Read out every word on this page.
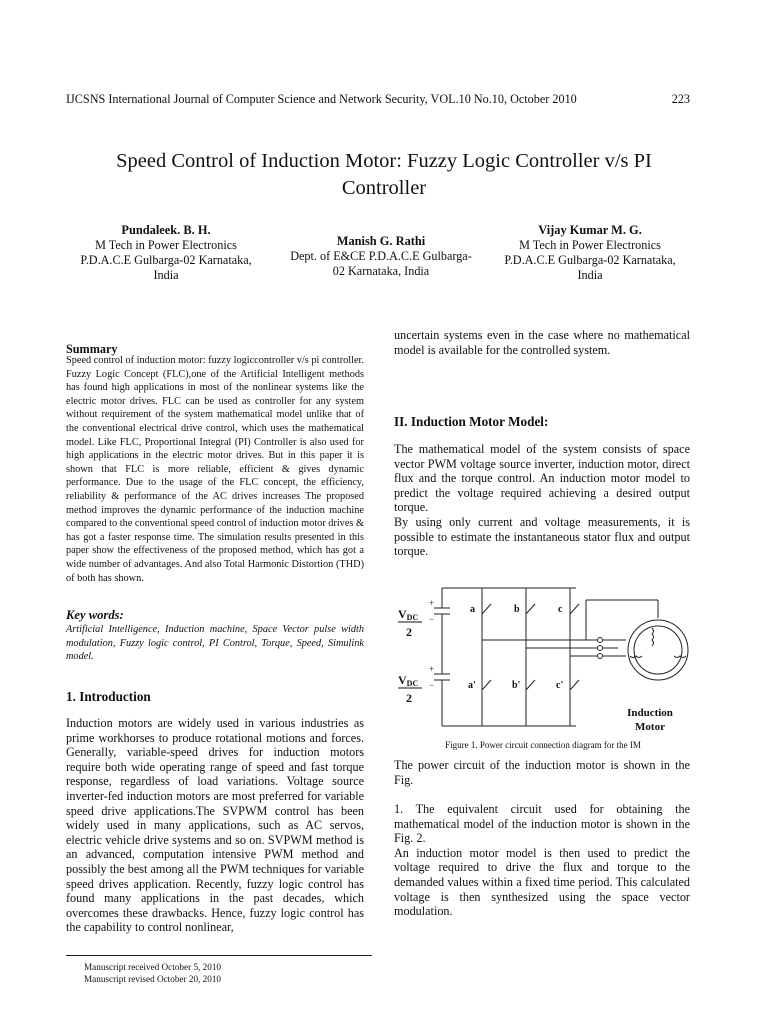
IJCSNS International Journal of Computer Science and Network Security, VOL.10 No.10, October 2010	223
Speed Control of Induction Motor: Fuzzy Logic Controller v/s PI
Controller
Pundaleek. B. H.
M Tech in Power Electronics
P.D.A.C.E Gulbarga-02 Karnataka,
India
Manish G. Rathi
Dept. of E&CE P.D.A.C.E Gulbarga-
02 Karnataka, India
Vijay Kumar M. G.
M Tech in Power Electronics
P.D.A.C.E Gulbarga-02 Karnataka,
India
Summary
Speed control of induction motor: fuzzy logiccontroller v/s pi controller. Fuzzy Logic Concept (FLC),one of the Artificial Intelligent methods has found high applications in most of the nonlinear systems like the electric motor drives. FLC can be used as controller for any system without requirement of the system mathematical model unlike that of the conventional electrical drive control, which uses the mathematical model. Like FLC, Proportional Integral (PI) Controller is also used for high applications in the electric motor drives. But in this paper it is shown that FLC is more reliable, efficient & gives dynamic performance. Due to the usage of the FLC concept, the efficiency, reliability & performance of the AC drives increases The proposed method improves the dynamic performance of the induction machine compared to the conventional speed control of induction motor drives & has got a faster response time. The simulation results presented in this paper show the effectiveness of the proposed method, which has got a wide number of advantages. And also Total Harmonic Distortion (THD) of both has shown.
Key words:
Artificial Intelligence, Induction machine, Space Vector pulse width modulation, Fuzzy logic control, PI Control, Torque, Speed, Simulink model.
1. Introduction
Induction motors are widely used in various industries as prime workhorses to produce rotational motions and forces. Generally, variable-speed drives for induction motors require both wide operating range of speed and fast torque response, regardless of load variations. Voltage source inverter-fed induction motors are most preferred for variable speed drive applications.The SVPWM control has been widely used in many applications, such as AC servos, electric vehicle drive systems and so on. SVPWM method is an advanced, computation intensive PWM method and possibly the best among all the PWM techniques for variable speed drives application. Recently, fuzzy logic control has found many applications in the past decades, which overcomes these drawbacks. Hence, fuzzy logic control has the capability to control nonlinear,
Manuscript received October 5, 2010
Manuscript revised October 20, 2010
uncertain systems even in the case where no mathematical model is available for the controlled system.
II. Induction Motor Model:

The mathematical model of the system consists of space vector PWM voltage source inverter, induction motor, direct flux and the torque control. An induction motor model to predict the voltage required achieving a desired output torque.

By using only current and voltage measurements, it is possible to estimate the instantaneous stator flux and output torque.

VDC
2
VDC
2
+
−
+
−
a	b	c
a'	b'	c'
Induction
Motor
Figure 1. Power circuit connection diagram for the IM
The power circuit of the induction motor is shown in the Fig.

1. The equivalent circuit used for obtaining the mathematical model of the induction motor is shown in the Fig. 2.

An induction motor model is then used to predict the voltage required to drive the flux and torque to the demanded values within a fixed time period. This calculated voltage is then synthesized using the space vector modulation.
